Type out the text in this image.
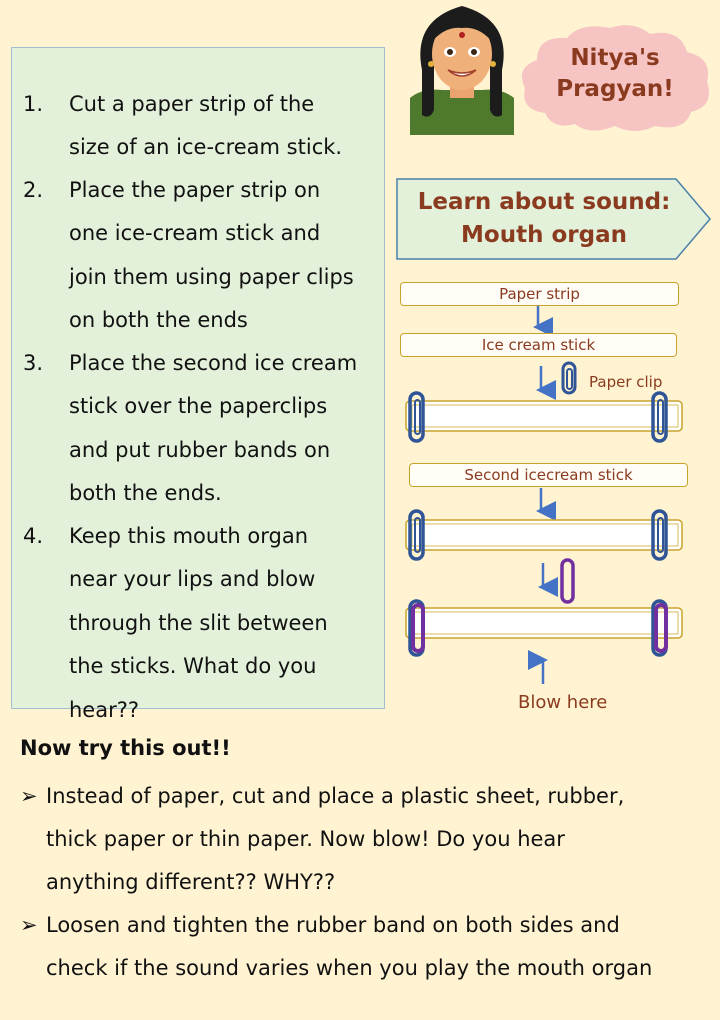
1. Cut a paper strip of the
size of an ice-cream stick.
2. Place the paper strip on
one ice-cream stick and
join them using paper clips
on both the ends
3. Place the second ice cream
stick over the paperclips
and put rubber bands on
both the ends.
4. Keep this mouth organ
near your lips and blow
through the slit between
the sticks. What do you
hear??
Nitya's Pragyan!
Learn about sound: Mouth organ
Paper strip
Ice cream stick
Paper clip
Second icecream stick
Blow here
Now try this out!!
➢ Instead of paper, cut and place a plastic sheet, rubber,
thick paper or thin paper. Now blow! Do you hear
anything different?? WHY??
➢ Loosen and tighten the rubber band on both sides and
check if the sound varies when you play the mouth organ
